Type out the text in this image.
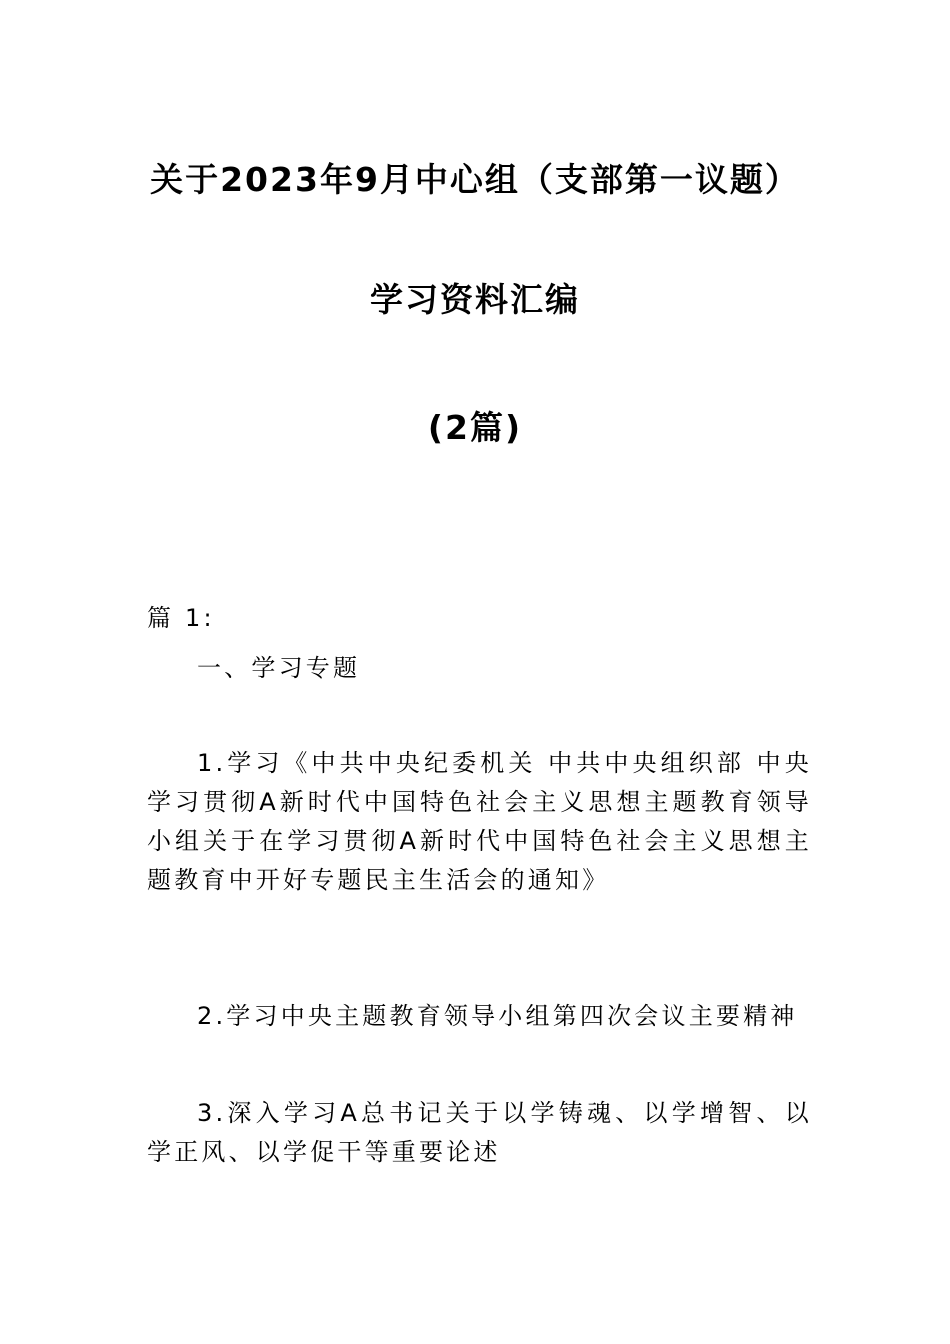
关于2023年9月中心组（支部第一议题）
学习资料汇编
(2篇)
篇 1:
一、学习专题
1.学习《中共中央纪委机关 中共中央组织部 中央学习贯彻A新时代中国特色社会主义思想主题教育领导小组关于在学习贯彻A新时代中国特色社会主义思想主题教育中开好专题民主生活会的通知》
2.学习中央主题教育领导小组第四次会议主要精神
3.深入学习A总书记关于以学铸魂、以学增智、以学正风、以学促干等重要论述
